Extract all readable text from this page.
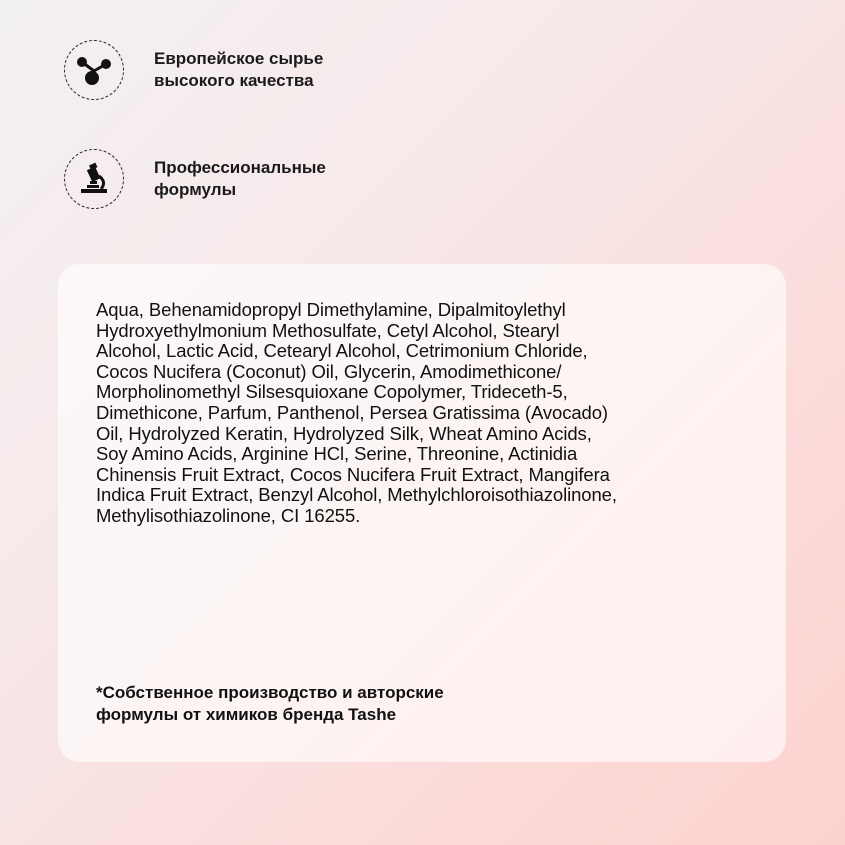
Европейское сырье
высокого качества
Профессиональные
формулы
Aqua, Behenamidopropyl Dimethylamine, Dipalmitoylethyl
Hydroxyethylmonium Methosulfate, Cetyl Alcohol, Stearyl
Alcohol, Lactic Acid, Cetearyl Alcohol, Cetrimonium Chloride,
Cocos Nucifera (Coconut) Oil, Glycerin, Amodimethicone/
Morpholinomethyl Silsesquioxane Copolymer, Trideceth-5,
Dimethicone, Parfum, Panthenol, Persea Gratissima (Avocado)
Oil, Hydrolyzed Keratin, Hydrolyzed Silk, Wheat Amino Acids,
Soy Amino Acids, Arginine HCl, Serine, Threonine, Actinidia
Chinensis Fruit Extract, Cocos Nucifera Fruit Extract, Mangifera
Indica Fruit Extract, Benzyl Alcohol, Methylchloroisothiazolinone,
Methylisothiazolinone, CI 16255.
*Собственное производство и авторские
формулы от химиков бренда Tashe
